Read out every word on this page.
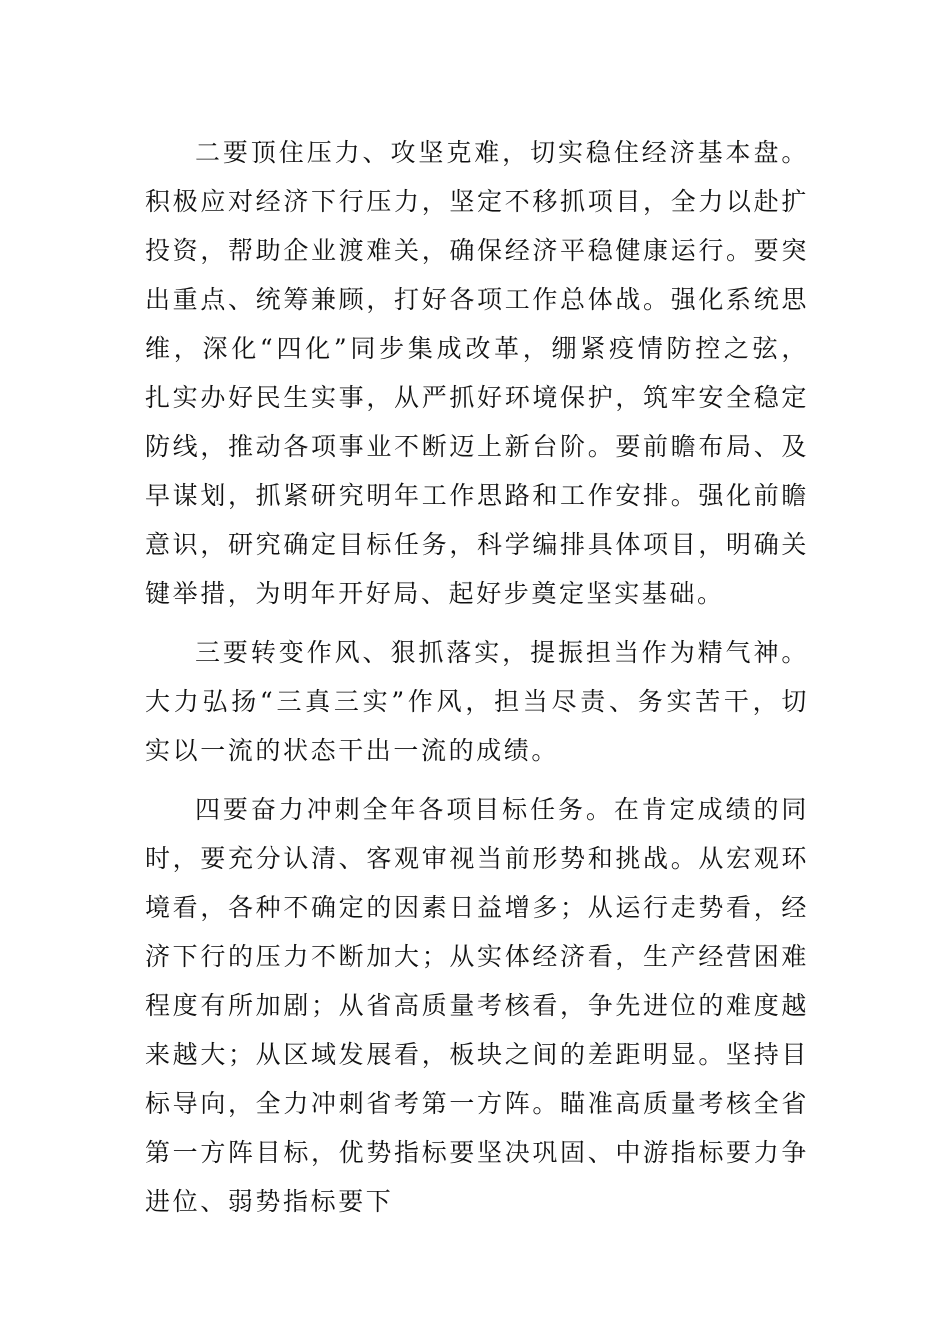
二要顶住压力、攻坚克难，切实稳住经济基本盘。积极应对经济下行压力，坚定不移抓项目，全力以赴扩投资，帮助企业渡难关，确保经济平稳健康运行。要突出重点、统筹兼顾，打好各项工作总体战。强化系统思维，深化“四化”同步集成改革，绷紧疫情防控之弦，扎实办好民生实事，从严抓好环境保护，筑牢安全稳定防线，推动各项事业不断迈上新台阶。要前瞻布局、及早谋划，抓紧研究明年工作思路和工作安排。强化前瞻意识，研究确定目标任务，科学编排具体项目，明确关键举措，为明年开好局、起好步奠定坚实基础。

三要转变作风、狠抓落实，提振担当作为精气神。大力弘扬“三真三实”作风，担当尽责、务实苦干，切实以一流的状态干出一流的成绩。

四要奋力冲刺全年各项目标任务。在肯定成绩的同时，要充分认清、客观审视当前形势和挑战。从宏观环境看，各种不确定的因素日益增多；从运行走势看，经济下行的压力不断加大；从实体经济看，生产经营困难程度有所加剧；从省高质量考核看，争先进位的难度越来越大；从区域发展看，板块之间的差距明显。坚持目标导向，全力冲刺省考第一方阵。瞄准高质量考核全省第一方阵目标，优势指标要坚决巩固、中游指标要力争进位、弱势指标要下
